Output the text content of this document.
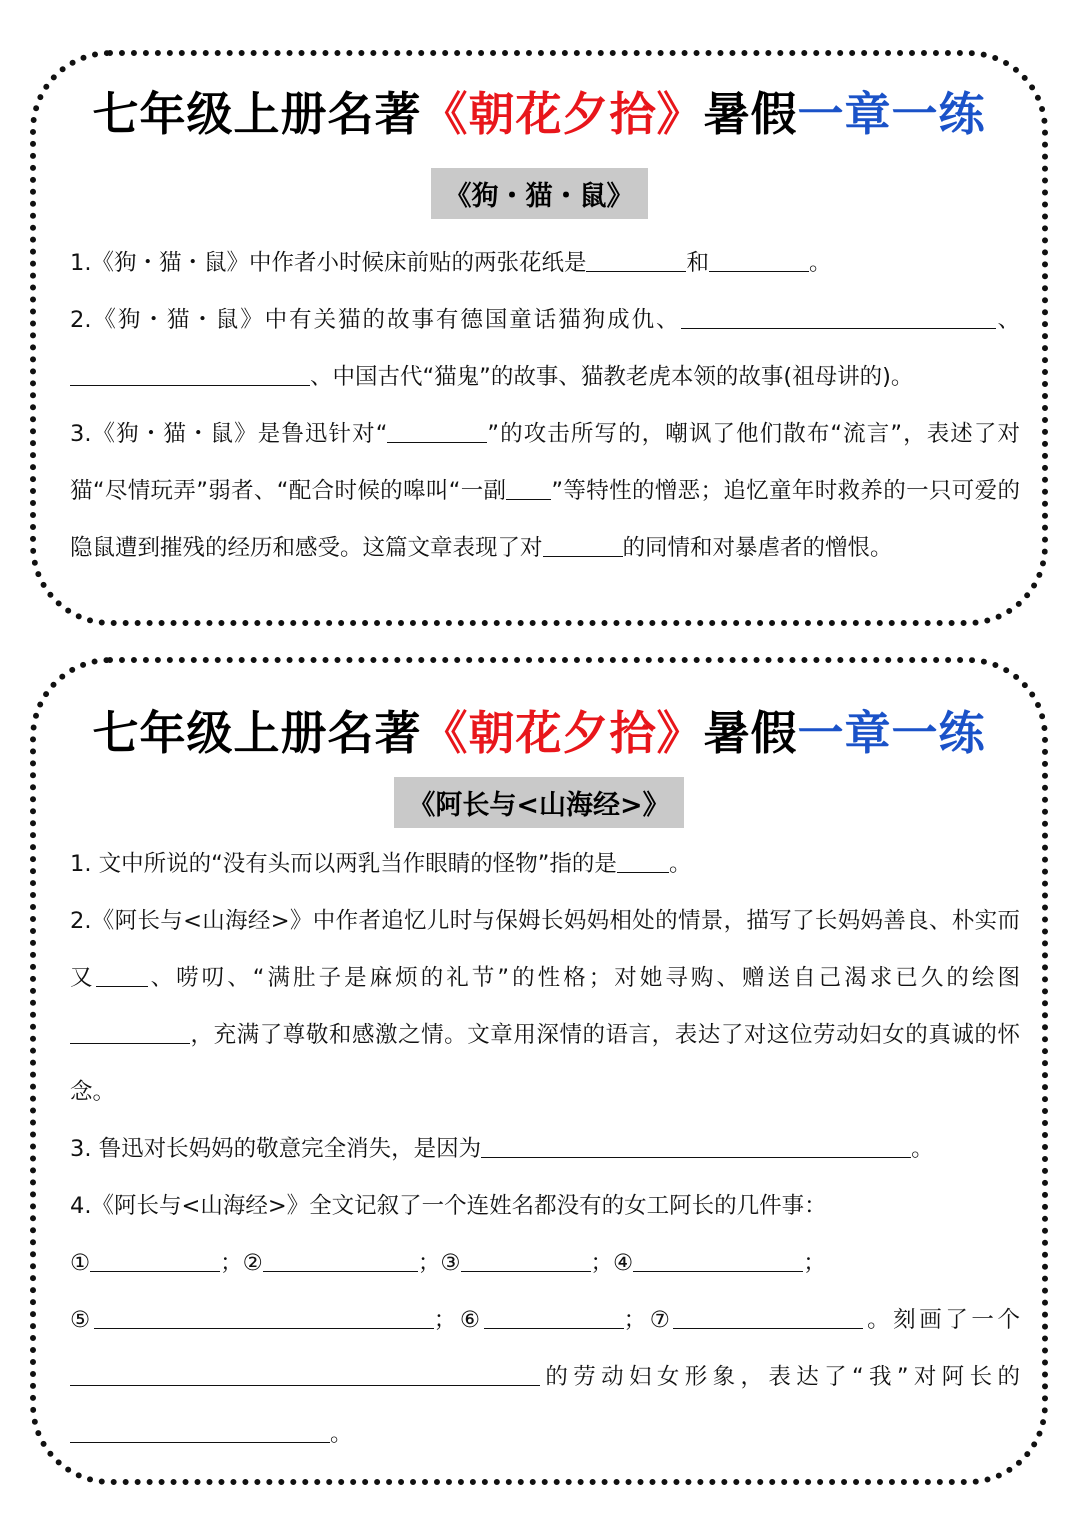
七年级上册名著《朝花夕拾》暑假一章一练
《狗・猫・鼠》
1.《狗・猫・鼠》中作者小时候床前贴的两张花纸是	和	。
2.《狗・猫・鼠》中有关猫的故事有德国童话猫狗成仇、	、、中国古代“猫鬼”的故事、猫教老虎本领的故事(祖母讲的)。
3.《狗・猫・鼠》是鲁迅针对“	”的攻击所写的，嘲讽了他们散布“流言”，表述了对猫“尽情玩弄”弱者、“配合时候的嗥叫“一副 ”等特性的憎恶；追忆童年时救养的一只可爱的隐鼠遭到摧残的经历和感受。这篇文章表现了对	的同情和对暴虐者的憎恨。
七年级上册名著《朝花夕拾》暑假一章一练
《阿长与<山海经>》
1. 文中所说的“没有头而以两乳当作眼睛的怪物”指的是 。
2.《阿长与<山海经>》中作者追忆儿时与保姆长妈妈相处的情景，描写了长妈妈善良、朴实而又 、唠叨、“满肚子是麻烦的礼节”的性格；对她寻购、赠送自己渴求已久的绘图，充满了尊敬和感激之情。文章用深情的语言，表达了对这位劳动妇女的真诚的怀念。
3. 鲁迅对长妈妈的敬意完全消失，是因为	。
4.《阿长与<山海经>》全文记叙了一个连姓名都没有的女工阿长的几件事：
①	；②	；③	；④	；
⑤	；⑥	；⑦	。刻画了一个的劳动妇女形象，表达了“我”对阿长的。
